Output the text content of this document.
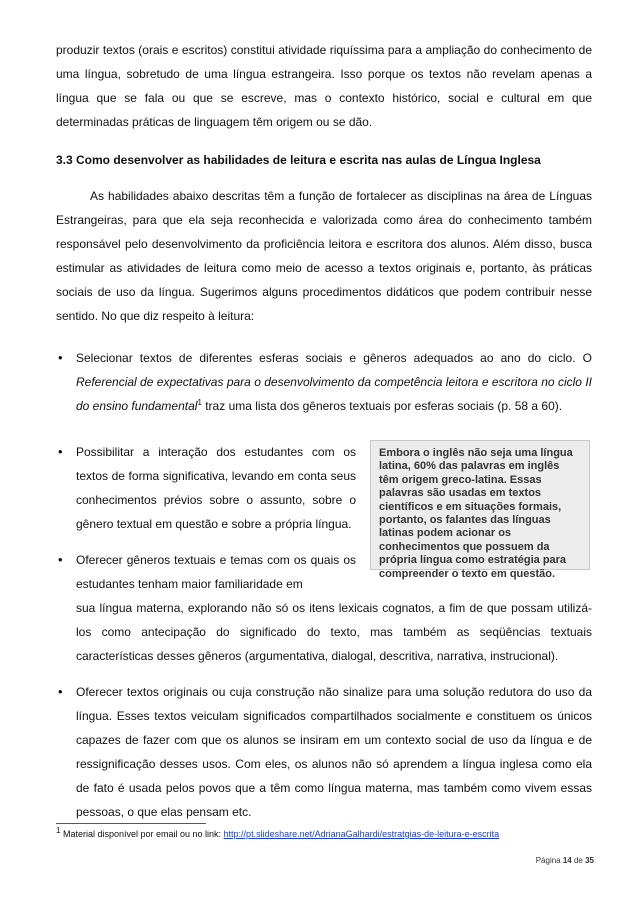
produzir textos (orais e escritos) constitui atividade riquíssima para a ampliação do conhecimento de uma língua, sobretudo de uma língua estrangeira. Isso porque os textos não revelam apenas a língua que se fala ou que se escreve, mas o contexto histórico, social e cultural em que determinadas práticas de linguagem têm origem ou se dão.

3.3 Como desenvolver as habilidades de leitura e escrita nas aulas de Língua Inglesa

As habilidades abaixo descritas têm a função de fortalecer as disciplinas na área de Línguas Estrangeiras, para que ela seja reconhecida e valorizada como área do conhecimento também responsável pelo desenvolvimento da proficiência leitora e escritora dos alunos. Além disso, busca estimular as atividades de leitura como meio de acesso a textos originais e, portanto, às práticas sociais de uso da língua. Sugerimos alguns procedimentos didáticos que podem contribuir nesse sentido. No que diz respeito à leitura:

• Selecionar textos de diferentes esferas sociais e gêneros adequados ao ano do ciclo. O Referencial de expectativas para o desenvolvimento da competência leitora e escritora no ciclo II do ensino fundamental$^1$ traz uma lista dos gêneros textuais por esferas sociais (p. 58 a 60).
• Possibilitar a interação dos estudantes com os textos de forma significativa, levando em conta seus conhecimentos prévios sobre o assunto, sobre o gênero textual em questão e sobre a própria língua.
• Oferecer gêneros textuais e temas com os quais os estudantes tenham maior familiaridade em
sua língua materna, explorando não só os itens lexicais cognatos, a fim de que possam utilizá-los como antecipação do significado do texto, mas também as seqüências textuais características desses gêneros (argumentativa, dialogal, descritiva, narrativa, instrucional).
• Oferecer textos originais ou cuja construção não sinalize para uma solução redutora do uso da língua. Esses textos veiculam significados compartilhados socialmente e constituem os únicos capazes de fazer com que os alunos se insiram em um contexto social de uso da língua e de ressignificação desses usos. Com eles, os alunos não só aprendem a língua inglesa como ela de fato é usada pelos povos que a têm como língua materna, mas também como vivem essas pessoas, o que elas pensam etc.

Embora o inglês não seja uma língua latina, 60% das palavras em inglês têm origem greco-latina. Essas palavras são usadas em textos científicos e em situações formais, portanto, os falantes das línguas latinas podem acionar os conhecimentos que possuem da própria língua como estratégia para compreender o texto em questão.

1 Material disponível por email ou no link: http://pt.slideshare.net/AdrianaGalhardi/estratgias-de-leitura-e-escrita
Página 14 de 35
